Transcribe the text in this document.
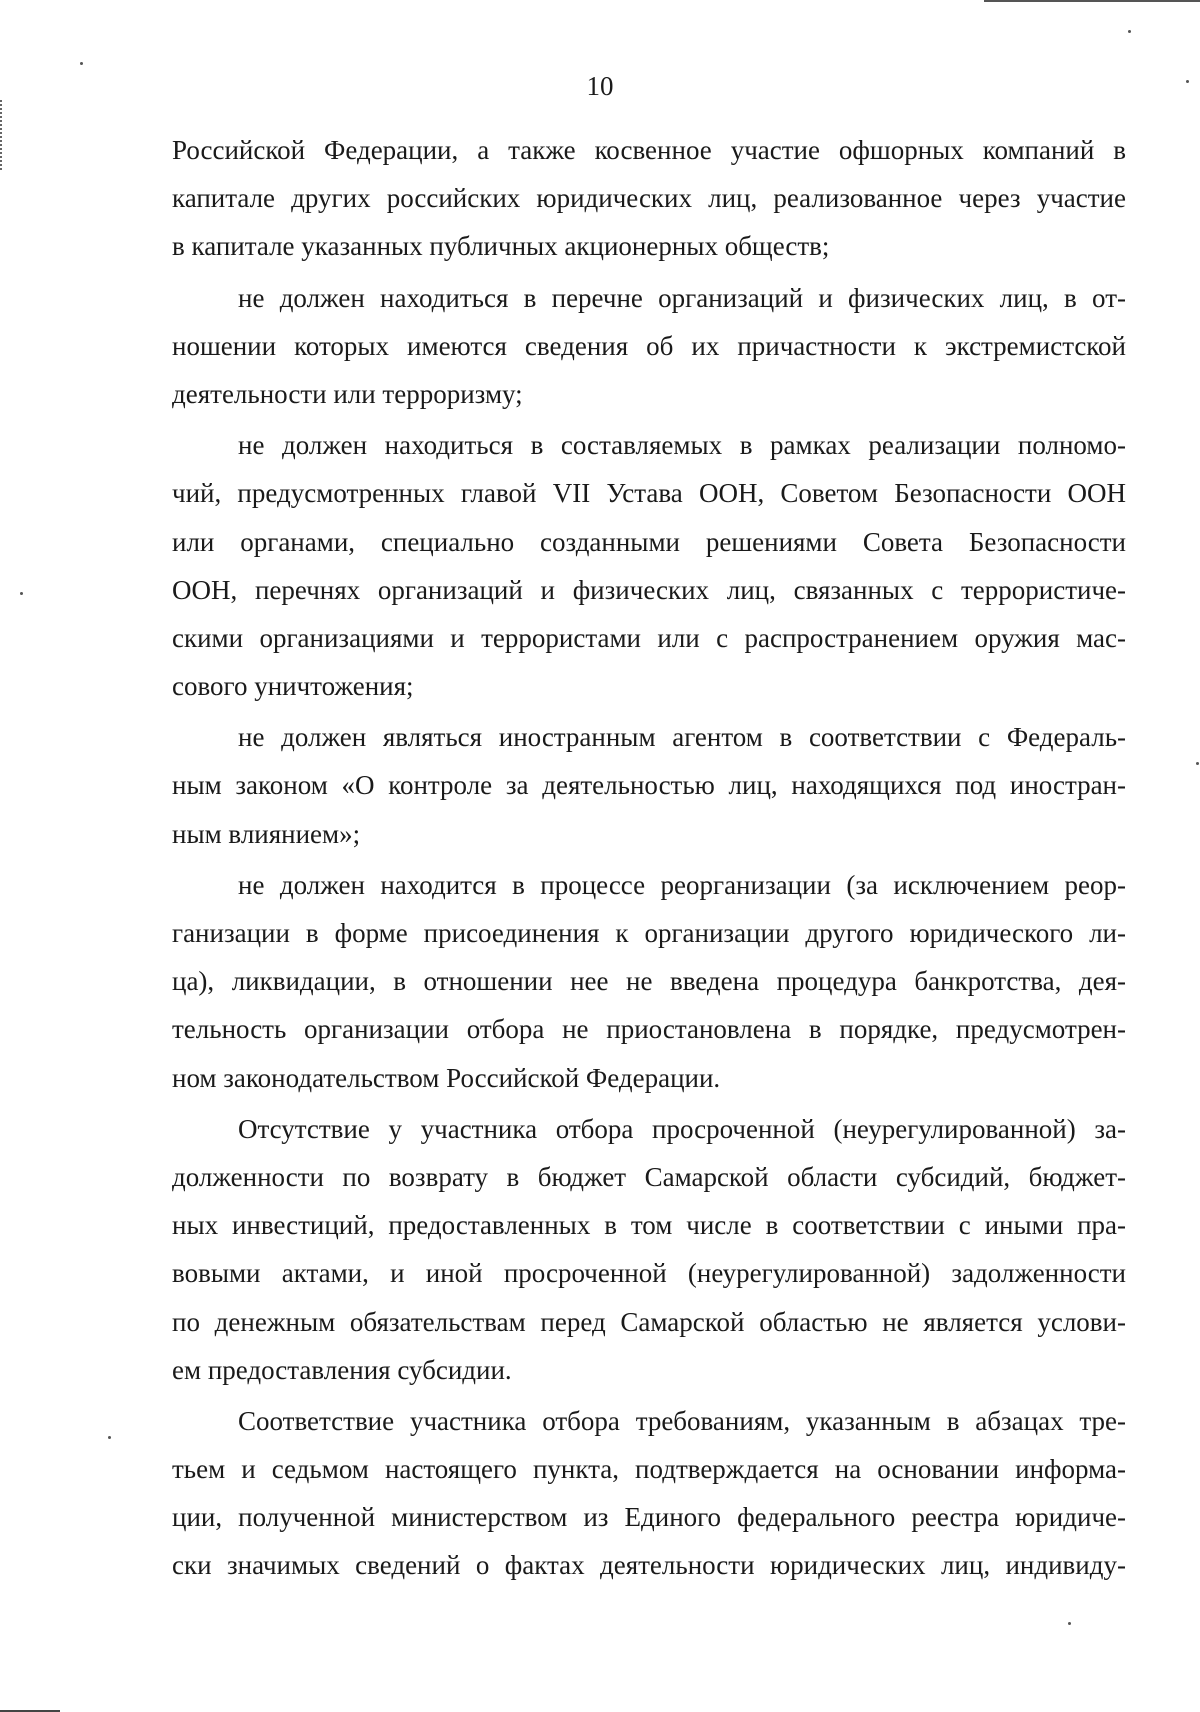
10
Российской Федерации, а также косвенное участие офшорных компаний в
капитале других российских юридических лиц, реализованное через участие
в капитале указанных публичных акционерных обществ;
не должен находиться в перечне организаций и физических лиц, в от-
ношении которых имеются сведения об их причастности к экстремистской
деятельности или терроризму;
не должен находиться в составляемых в рамках реализации полномо-
чий, предусмотренных главой VII Устава ООН, Советом Безопасности ООН
или органами, специально созданными решениями Совета Безопасности
ООН, перечнях организаций и физических лиц, связанных с террористиче-
скими организациями и террористами или с распространением оружия мас-
сового уничтожения;
не должен являться иностранным агентом в соответствии с Федераль-
ным законом «О контроле за деятельностью лиц, находящихся под иностран-
ным влиянием»;
не должен находится в процессе реорганизации (за исключением реор-
ганизации в форме присоединения к организации другого юридического ли-
ца), ликвидации, в отношении нее не введена процедура банкротства, дея-
тельность организации отбора не приостановлена в порядке, предусмотрен-
ном законодательством Российской Федерации.
Отсутствие у участника отбора просроченной (неурегулированной) за-
долженности по возврату в бюджет Самарской области субсидий, бюджет-
ных инвестиций, предоставленных в том числе в соответствии с иными пра-
вовыми актами, и иной просроченной (неурегулированной) задолженности
по денежным обязательствам перед Самарской областью не является услови-
ем предоставления субсидии.
Соответствие участника отбора требованиям, указанным в абзацах тре-
тьем и седьмом настоящего пункта, подтверждается на основании информа-
ции, полученной министерством из Единого федерального реестра юридиче-
ски значимых сведений о фактах деятельности юридических лиц, индивиду-
